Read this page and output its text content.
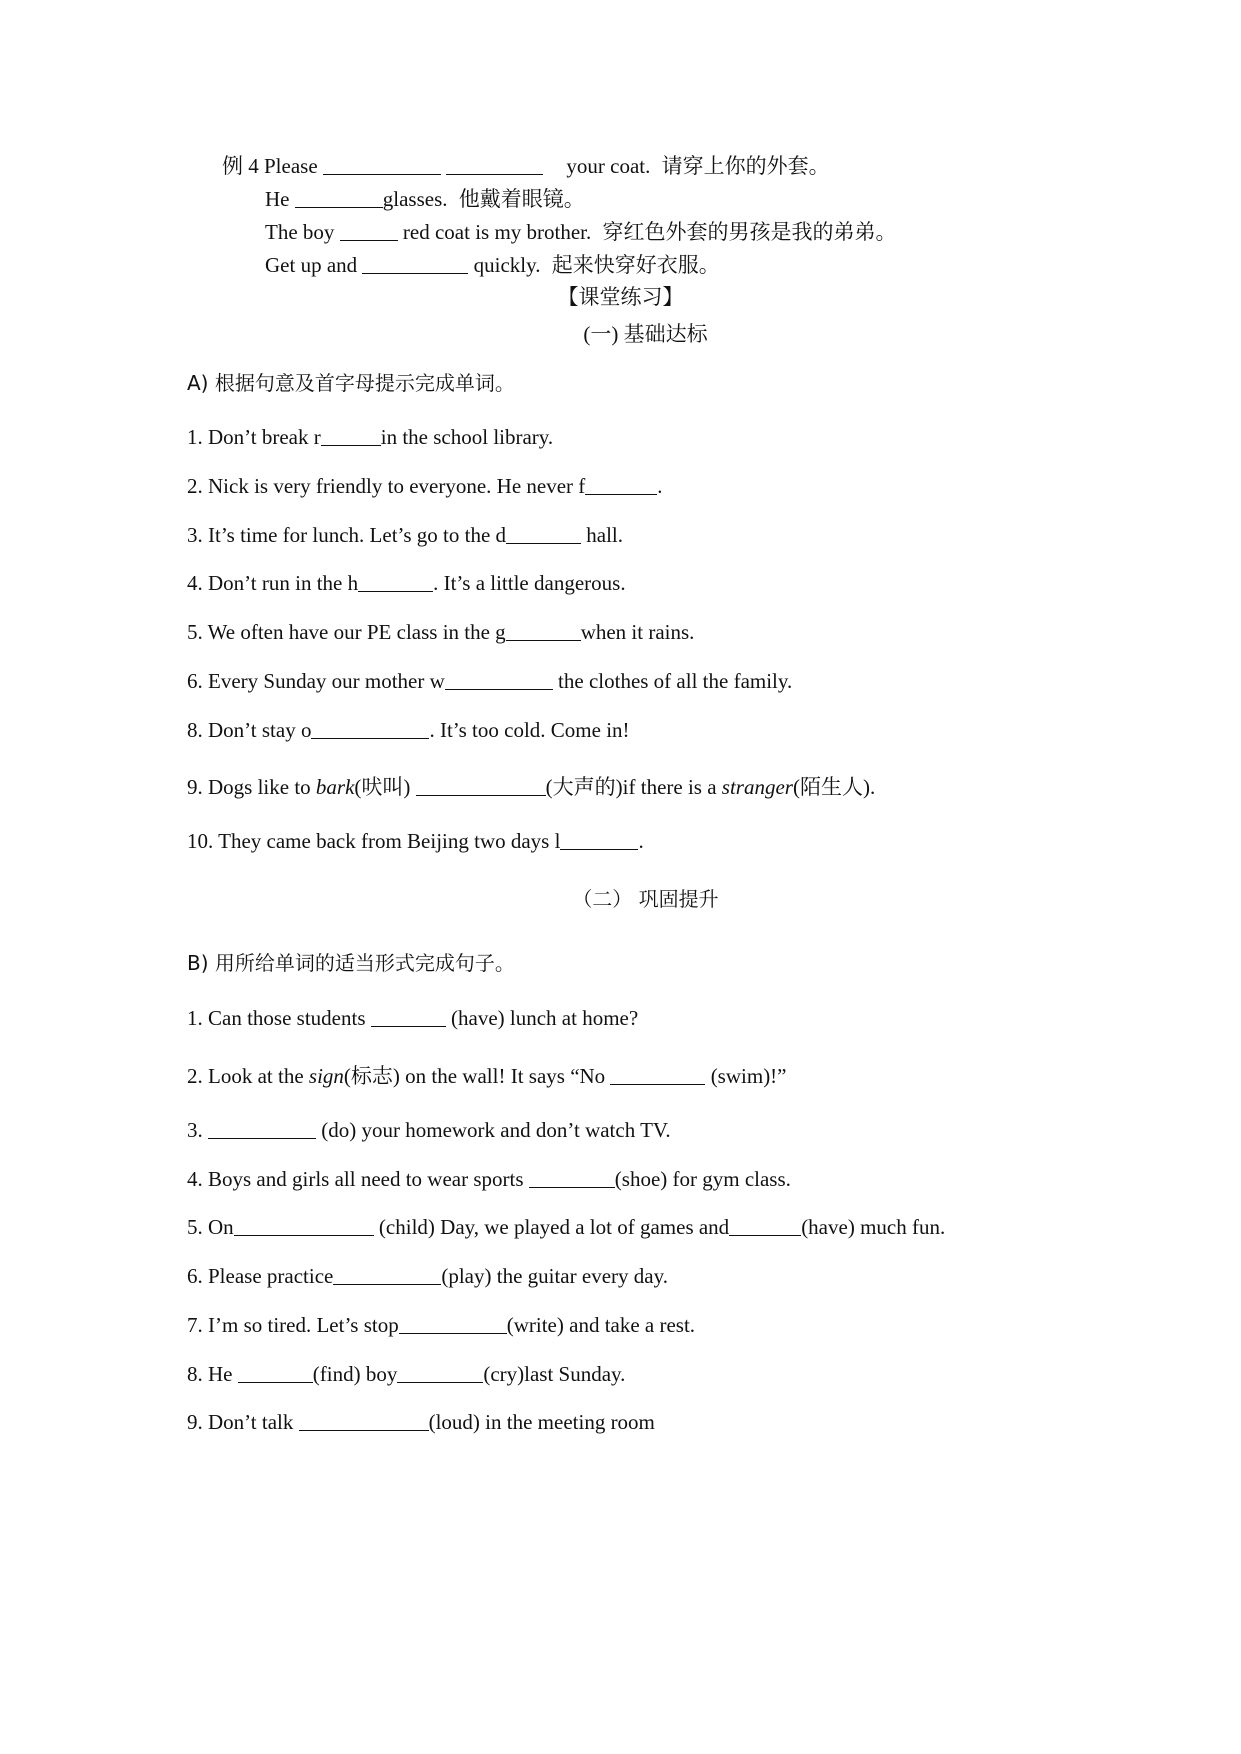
例 4 Please	your coat. 请穿上你的外套。
He	glasses. 他戴着眼镜。
The boy	red coat is my brother. 穿红色外套的男孩是我的弟弟。
Get up and	quickly. 起来快穿好衣服。
【课堂练习】
(一) 基础达标
A) 根据句意及首字母提示完成单词。
1. Don’t break r	in the school library.
2. Nick is very friendly to everyone. He never f	.
3. It’s time for lunch. Let’s go to the d	hall.
4. Don’t run in the h	. It’s a little dangerous.
5. We often have our PE class in the g	when it rains.
6. Every Sunday our mother w	the clothes of all the family.
8. Don’t stay o	. It’s too cold. Come in!
9. Dogs like to bark(吠叫)	(大声的)if there is a stranger(陌生人).
10. They came back from Beijing two days l	.
（二） 巩固提升
B) 用所给单词的适当形式完成句子。
1. Can those students	(have) lunch at home?
2. Look at the sign(标志) on the wall! It says “No	(swim)!”
3.	(do) your homework and don’t watch TV.
4. Boys and girls all need to wear sports	(shoe) for gym class.
5. On	(child) Day, we played a lot of games and	(have) much fun.
6. Please practice	(play) the guitar every day.
7. I’m so tired. Let’s stop	(write) and take a rest.
8. He	(find) boy	(cry)last Sunday.
9. Don’t talk	(loud) in the meeting room
